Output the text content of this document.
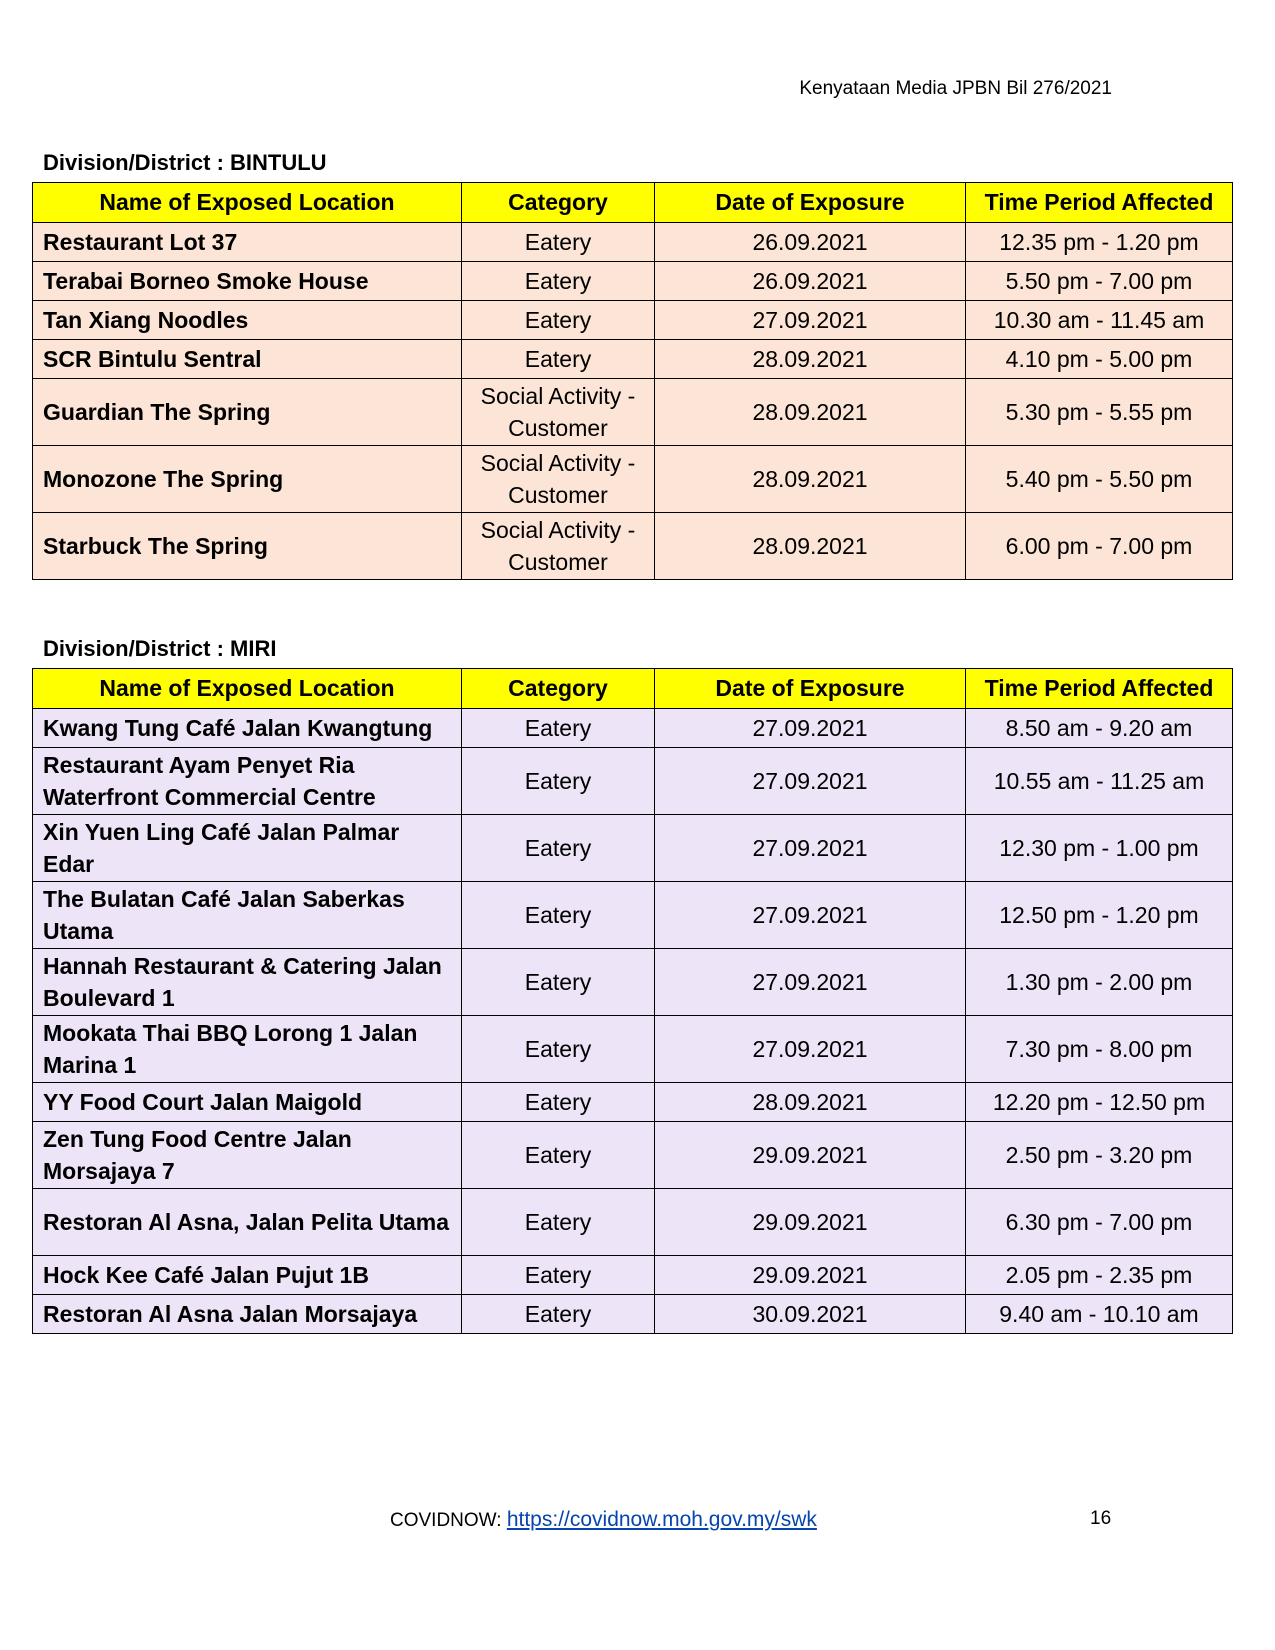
Kenyataan Media JPBN Bil 276/2021
Division/District : BINTULU
Name of Exposed Location	Category	Date of Exposure	Time Period Affected
Restaurant Lot 37	Eatery	26.09.2021	12.35 pm - 1.20 pm
Terabai Borneo Smoke House	Eatery	26.09.2021	5.50 pm - 7.00 pm
Tan Xiang Noodles	Eatery	27.09.2021	10.30 am - 11.45 am
SCR Bintulu Sentral	Eatery	28.09.2021	4.10 pm - 5.00 pm
Guardian The Spring	Social Activity - Customer	28.09.2021	5.30 pm - 5.55 pm
Monozone The Spring	Social Activity - Customer	28.09.2021	5.40 pm - 5.50 pm
Starbuck The Spring	Social Activity - Customer	28.09.2021	6.00 pm - 7.00 pm
Division/District : MIRI
Name of Exposed Location	Category	Date of Exposure	Time Period Affected
Kwang Tung Café Jalan Kwangtung	Eatery	27.09.2021	8.50 am - 9.20 am
Restaurant Ayam Penyet Ria Waterfront Commercial Centre	Eatery	27.09.2021	10.55 am - 11.25 am
Xin Yuen Ling Café Jalan Palmar Edar	Eatery	27.09.2021	12.30 pm - 1.00 pm
The Bulatan Café Jalan Saberkas Utama	Eatery	27.09.2021	12.50 pm - 1.20 pm
Hannah Restaurant & Catering Jalan Boulevard 1	Eatery	27.09.2021	1.30 pm - 2.00 pm
Mookata Thai BBQ Lorong 1 Jalan Marina 1	Eatery	27.09.2021	7.30 pm - 8.00 pm
YY Food Court Jalan Maigold	Eatery	28.09.2021	12.20 pm - 12.50 pm
Zen Tung Food Centre Jalan Morsajaya 7	Eatery	29.09.2021	2.50 pm - 3.20 pm
Restoran Al Asna, Jalan Pelita Utama	Eatery	29.09.2021	6.30 pm - 7.00 pm
Hock Kee Café Jalan Pujut 1B	Eatery	29.09.2021	2.05 pm - 2.35 pm
Restoran Al Asna Jalan Morsajaya	Eatery	30.09.2021	9.40 am - 10.10 am
COVIDNOW: https://covidnow.moh.gov.my/swk	16
